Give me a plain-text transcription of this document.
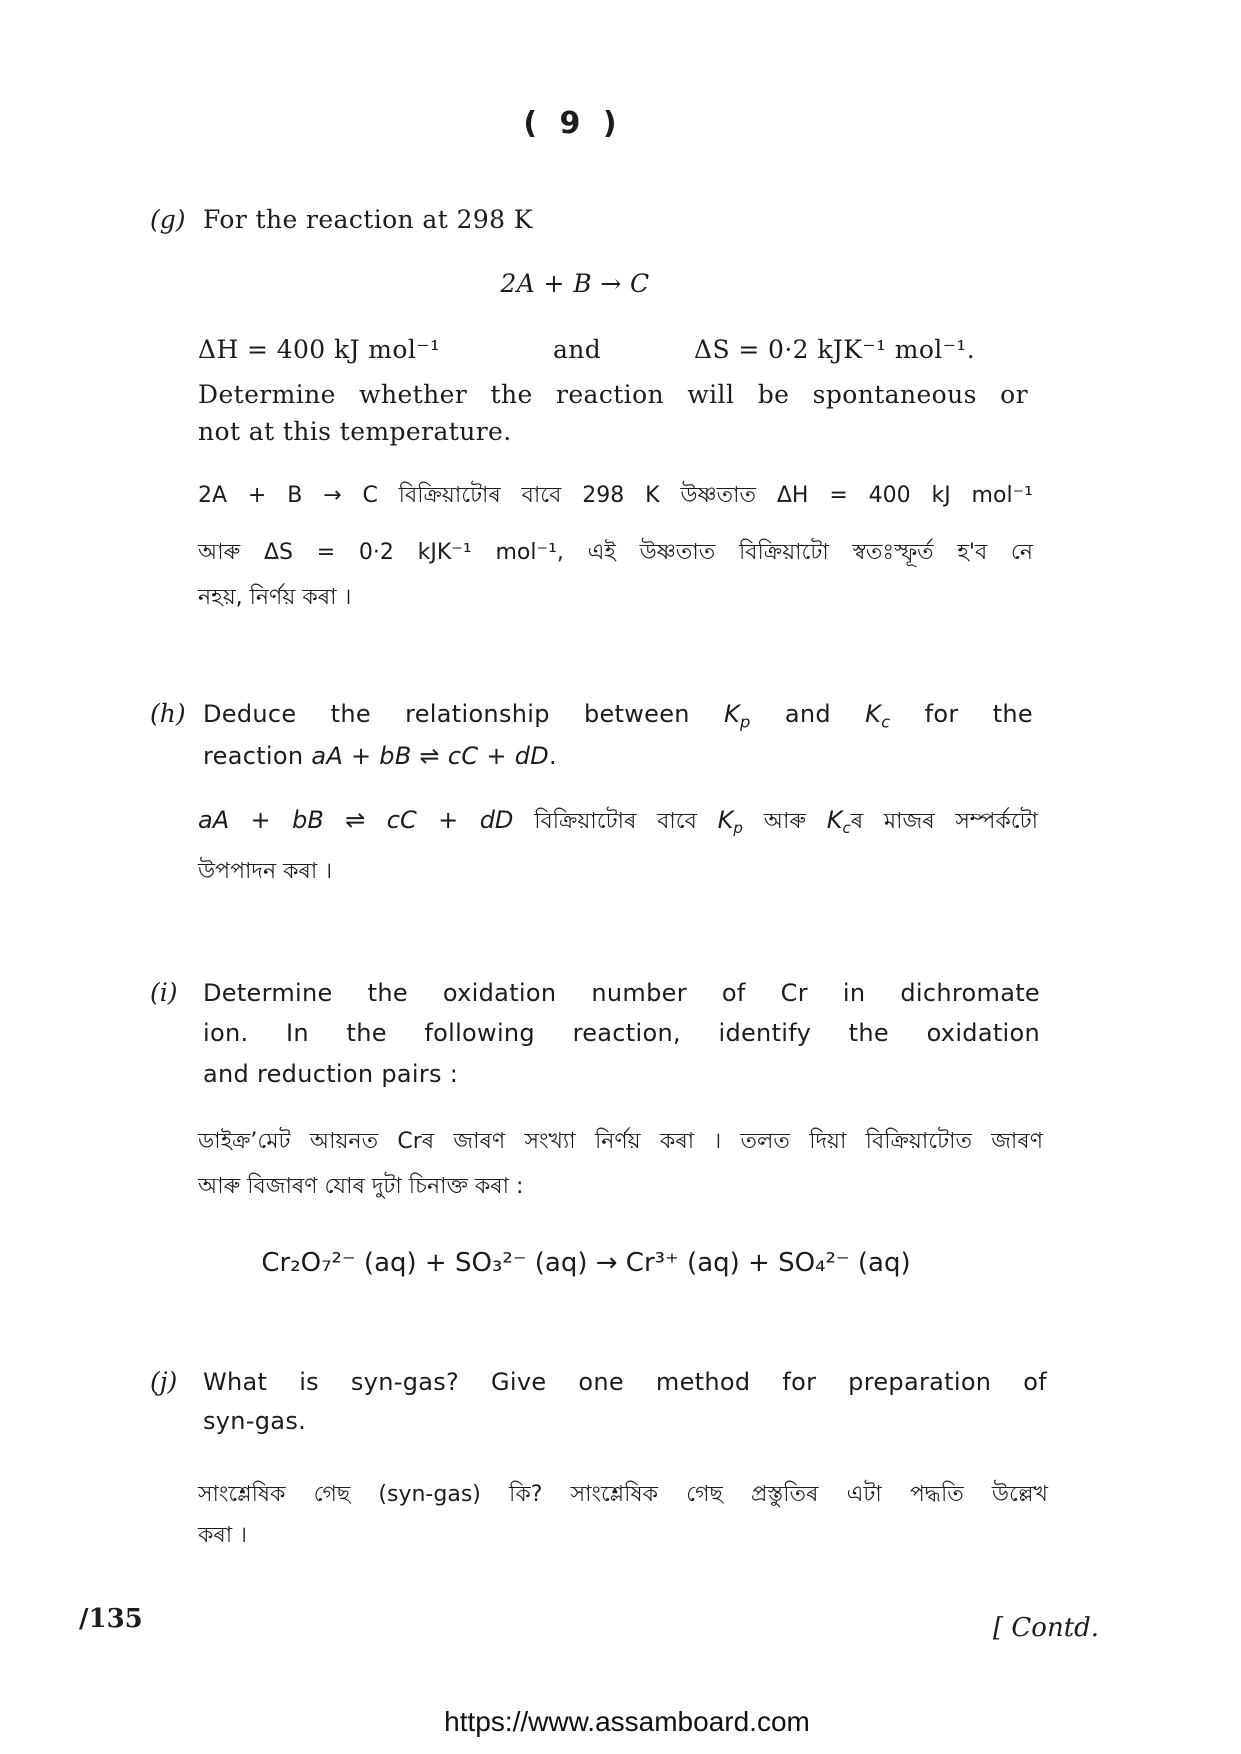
( 9 )
(g) For the reaction at 298 K
2A + B → C
ΔH = 400 kJ mol⁻¹	and	ΔS = 0·2 kJK⁻¹ mol⁻¹.
Determine whether the reaction will be spontaneous or
not at this temperature.
2A + B → C বিক্ৰিয়াটোৰ বাবে 298 K উষ্ণতাত ΔH = 400 kJ mol⁻¹
আৰু ΔS = 0·2 kJK⁻¹ mol⁻¹, এই উষ্ণতাত বিক্ৰিয়াটো স্বতঃস্ফূৰ্ত হ'ব নে
নহয়, নিৰ্ণয় কৰা ।
(h) Deduce the relationship between $K_p$ and $K_c$ for the
reaction aA + bB ⇌ cC + dD.
aA + bB ⇌ cC + dD বিক্ৰিয়াটোৰ বাবে $K_p$ আৰু $K_cৰ$ মাজৰ সম্পৰ্কটো
উপপাদন কৰা ।
(i) Determine the oxidation number of Cr in dichromate
ion. In the following reaction, identify the oxidation
and reduction pairs :
ডাইক্ৰ’মেট আয়নত Crৰ জাৰণ সংখ্যা নিৰ্ণয় কৰা । তলত দিয়া বিক্ৰিয়াটোত জাৰণ
আৰু বিজাৰণ যোৰ দুটা চিনাক্ত কৰা :
Cr₂O₇²⁻ (aq) + SO₃²⁻ (aq) → Cr³⁺ (aq) + SO₄²⁻ (aq)
(j) What is syn-gas? Give one method for preparation of
syn-gas.
সাংশ্লেষিক গেছ (syn-gas) কি? সাংশ্লেষিক গেছ প্ৰস্তুতিৰ এটা পদ্ধতি উল্লেখ
কৰা ।
/135	[ Contd.
https://www.assamboard.com
